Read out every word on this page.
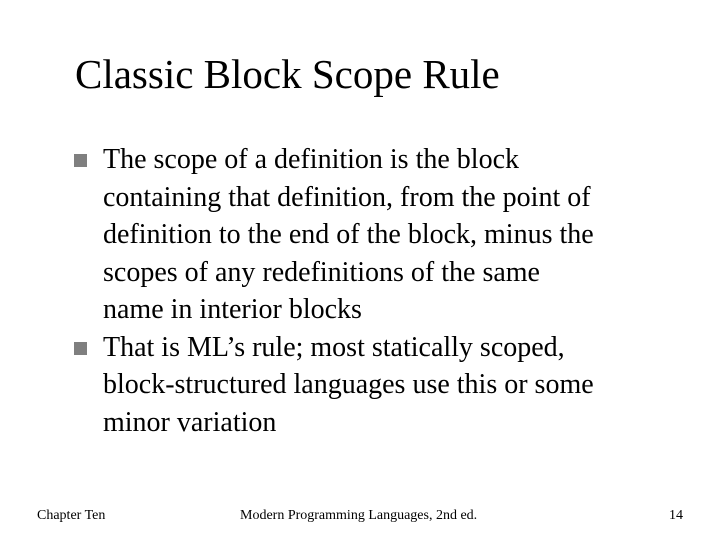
Classic Block Scope Rule
The scope of a definition is the block
containing that definition, from the point of
definition to the end of the block, minus the
scopes of any redefinitions of the same
name in interior blocks
That is ML’s rule; most statically scoped,
block-structured languages use this or some
minor variation
Chapter Ten	Modern Programming Languages, 2nd ed.	14
